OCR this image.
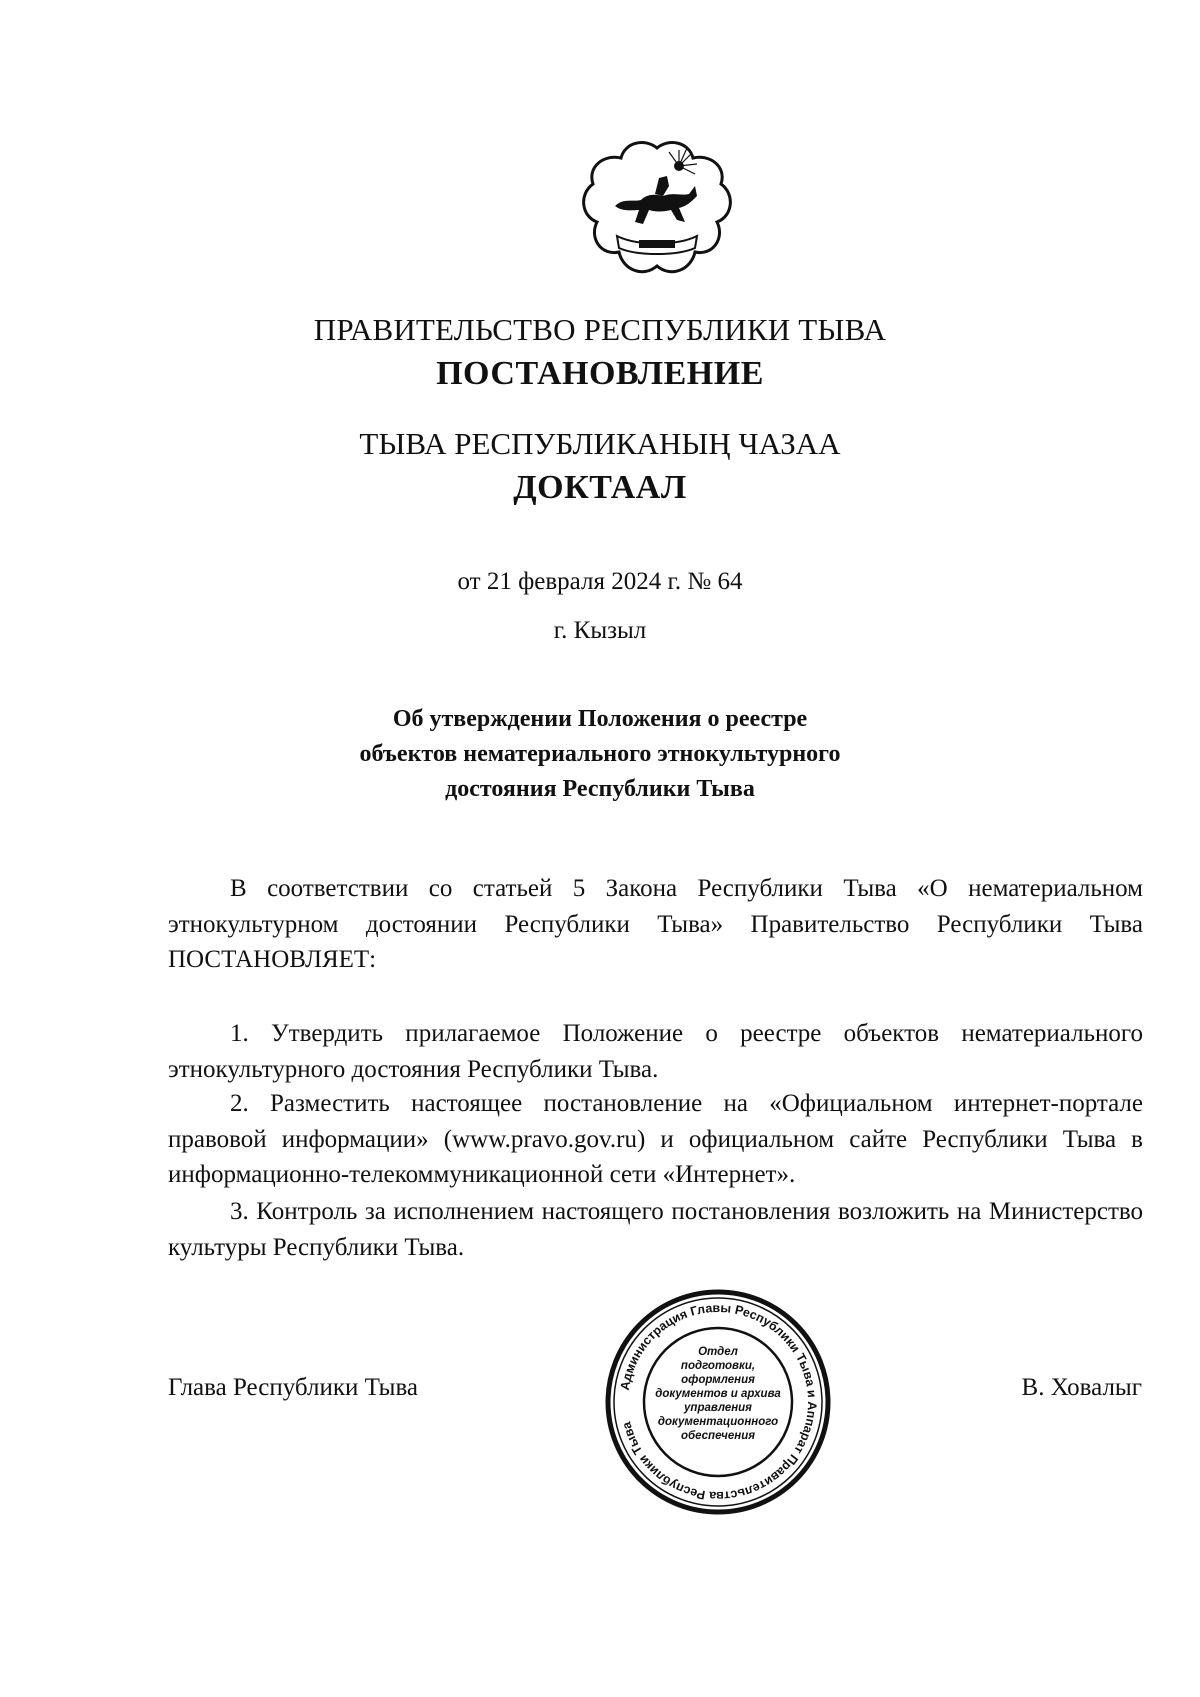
ПРАВИТЕЛЬСТВО РЕСПУБЛИКИ ТЫВА
ПОСТАНОВЛЕНИЕ
ТЫВА РЕСПУБЛИКАНЫҢ ЧАЗАА
ДОКТААЛ
от 21 февраля 2024 г. № 64
г. Кызыл
Об утверждении Положения о реестре
объектов нематериального этнокультурного
достояния Республики Тыва

В соответствии со статьей 5 Закона Республики Тыва «О нематериальном этнокультурном достоянии Республики Тыва» Правительство Республики Тыва ПОСТАНОВЛЯЕТ:

1. Утвердить прилагаемое Положение о реестре объектов нематериального этнокультурного достояния Республики Тыва.

2. Разместить настоящее постановление на «Официальном интернет-портале правовой информации» (www.pravo.gov.ru) и официальном сайте Республики Тыва в информационно-телекоммуникационной сети «Интернет».

3. Контроль за исполнением настоящего постановления возложить на Министерство культуры Республики Тыва.

Глава Республики Тыва	В. Ховалыг
Администрация Главы Республики Тыва и Аппарат Правительства Республики Тыва
Отдел
подготовки,
оформления
документов и архива
управления
документационного
обеспечения
